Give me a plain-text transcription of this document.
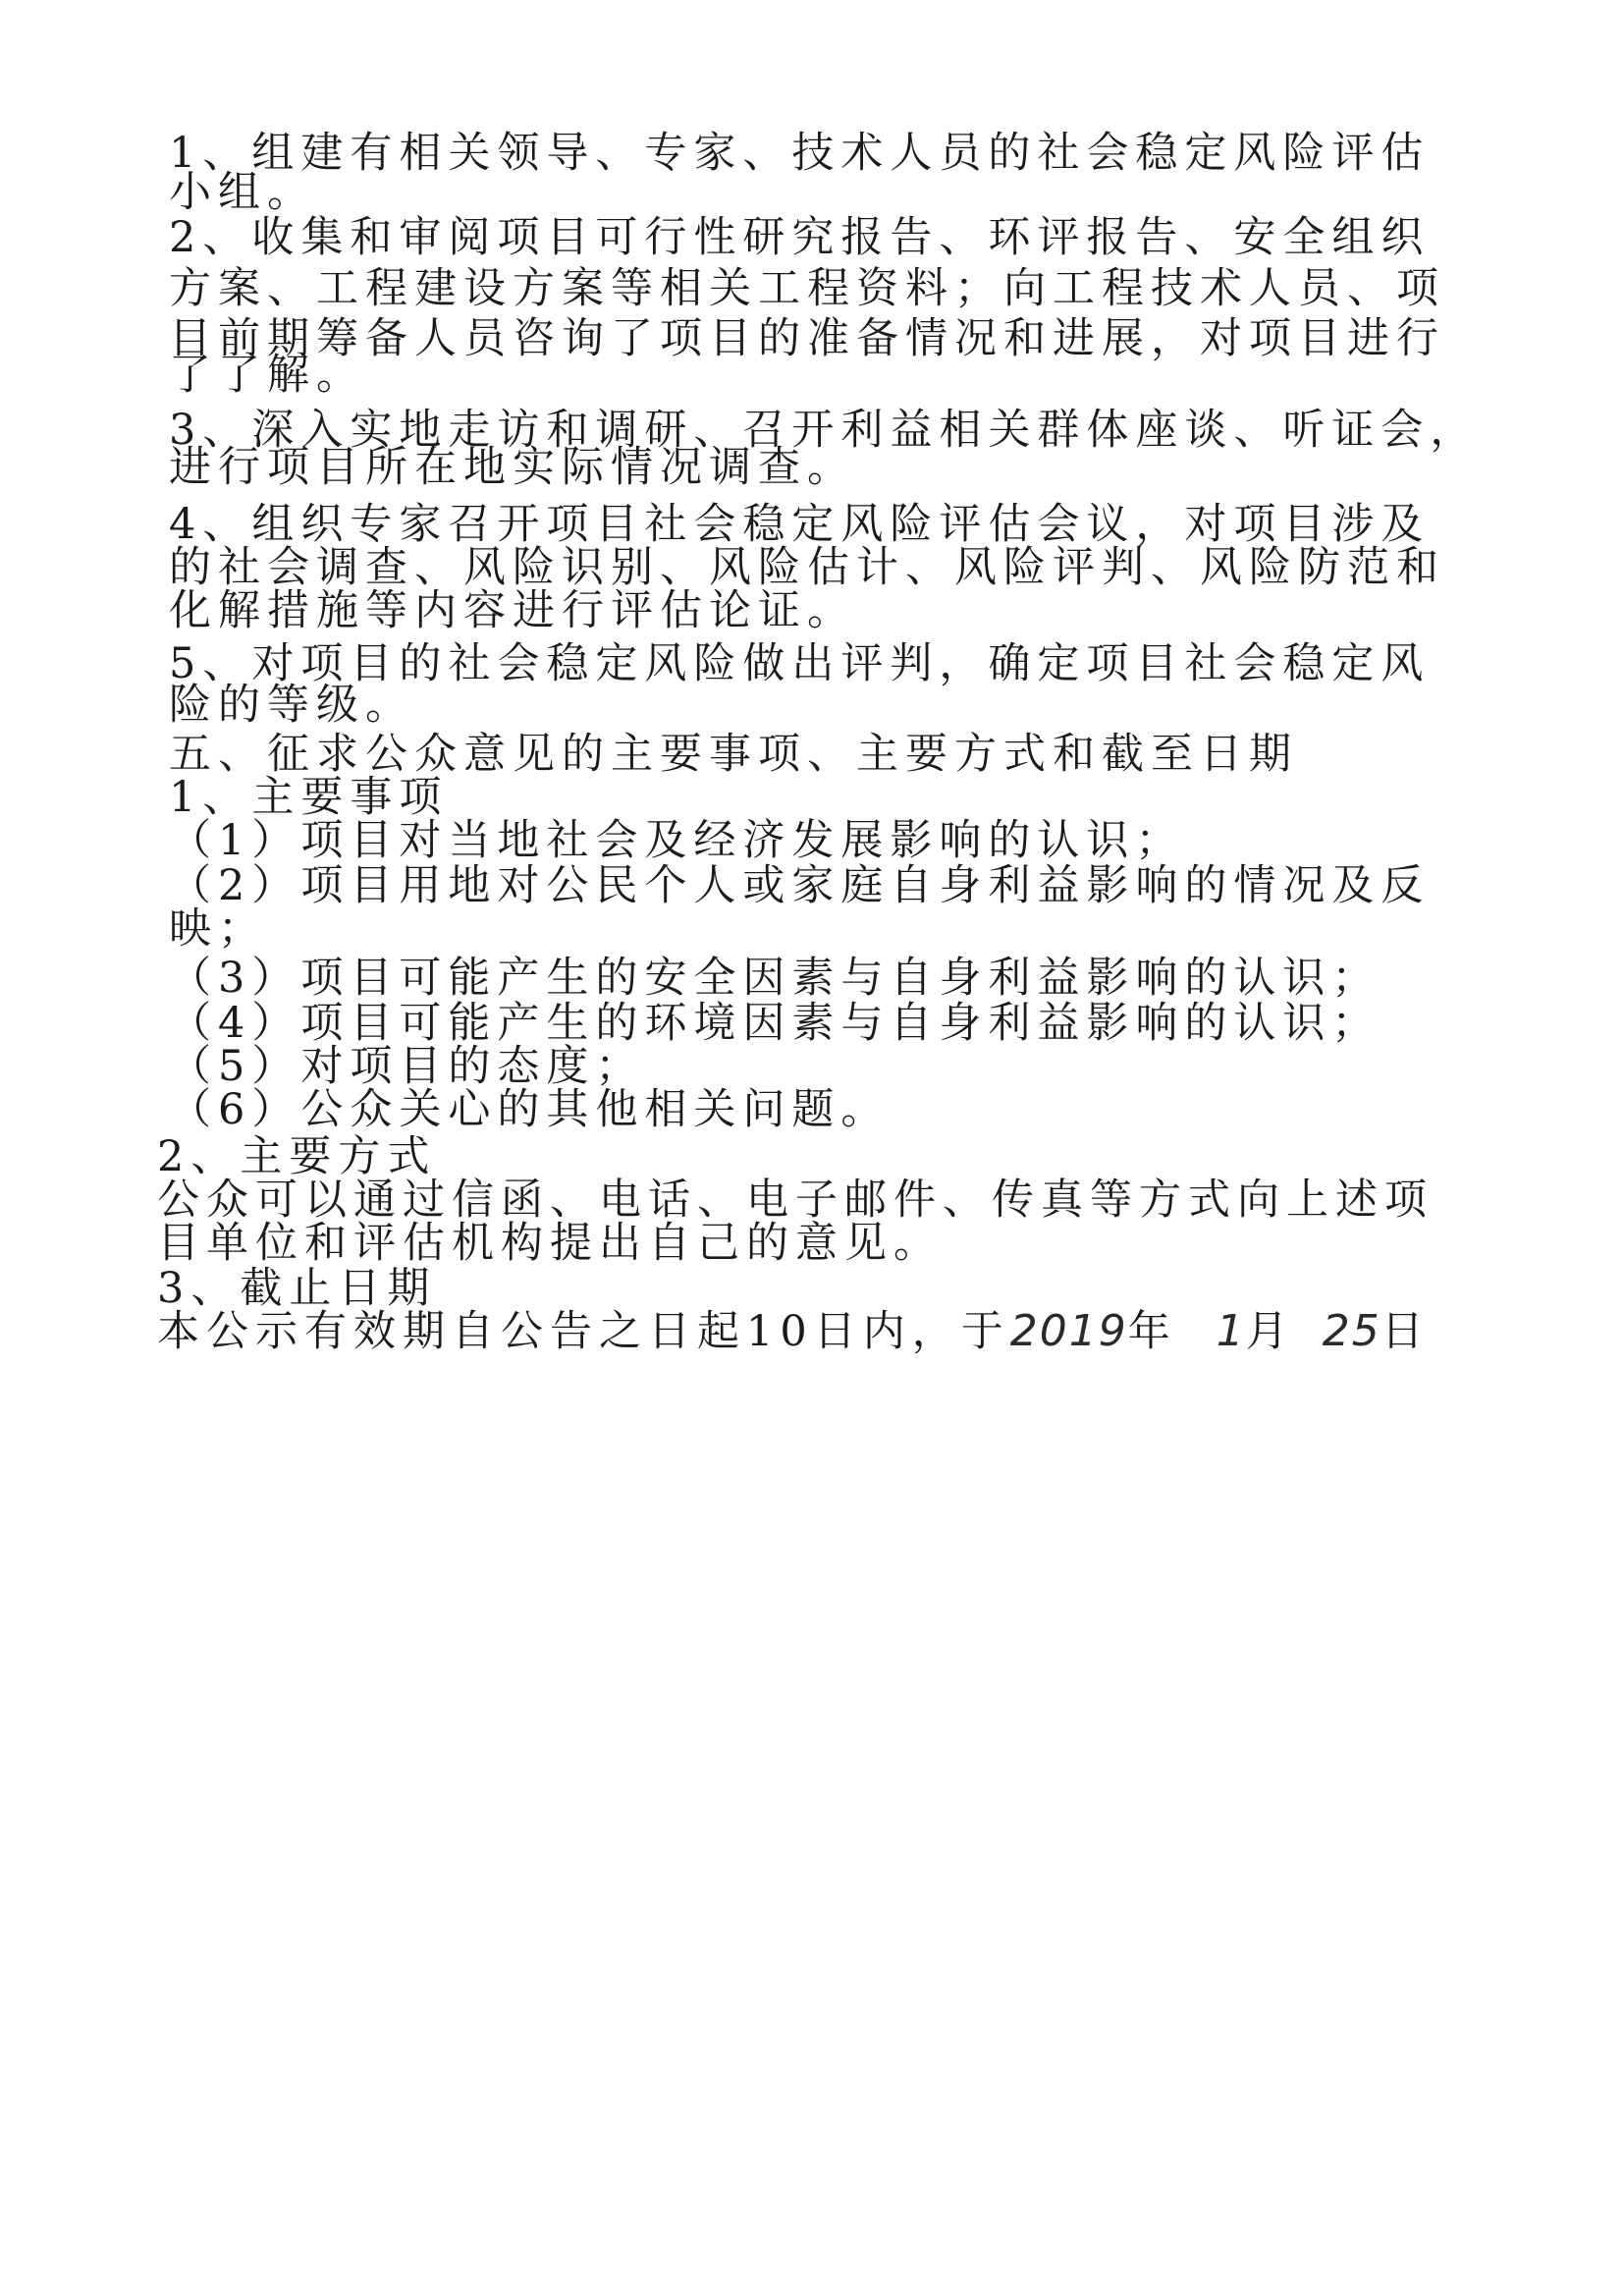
1、组建有相关领导、专家、技术人员的社会稳定风险评估
小组。
2、收集和审阅项目可行性研究报告、环评报告、安全组织
方案、工程建设方案等相关工程资料；向工程技术人员、项
目前期筹备人员咨询了项目的准备情况和进展，对项目进行
了了解。
3、深入实地走访和调研、召开利益相关群体座谈、听证会，
进行项目所在地实际情况调查。
4、组织专家召开项目社会稳定风险评估会议，对项目涉及
的社会调查、风险识别、风险估计、风险评判、风险防范和
化解措施等内容进行评估论证。
5、对项目的社会稳定风险做出评判，确定项目社会稳定风
险的等级。
五、征求公众意见的主要事项、主要方式和截至日期
1、主要事项
（1）项目对当地社会及经济发展影响的认识；
（2）项目用地对公民个人或家庭自身利益影响的情况及反
映；
（3）项目可能产生的安全因素与自身利益影响的认识；
（4）项目可能产生的环境因素与自身利益影响的认识；
（5）对项目的态度；
（6）公众关心的其他相关问题。
2、主要方式
公众可以通过信函、电话、电子邮件、传真等方式向上述项
目单位和评估机构提出自己的意见。
3、截止日期
本公示有效期自公告之日起10日内，于2019年 1月 25日
